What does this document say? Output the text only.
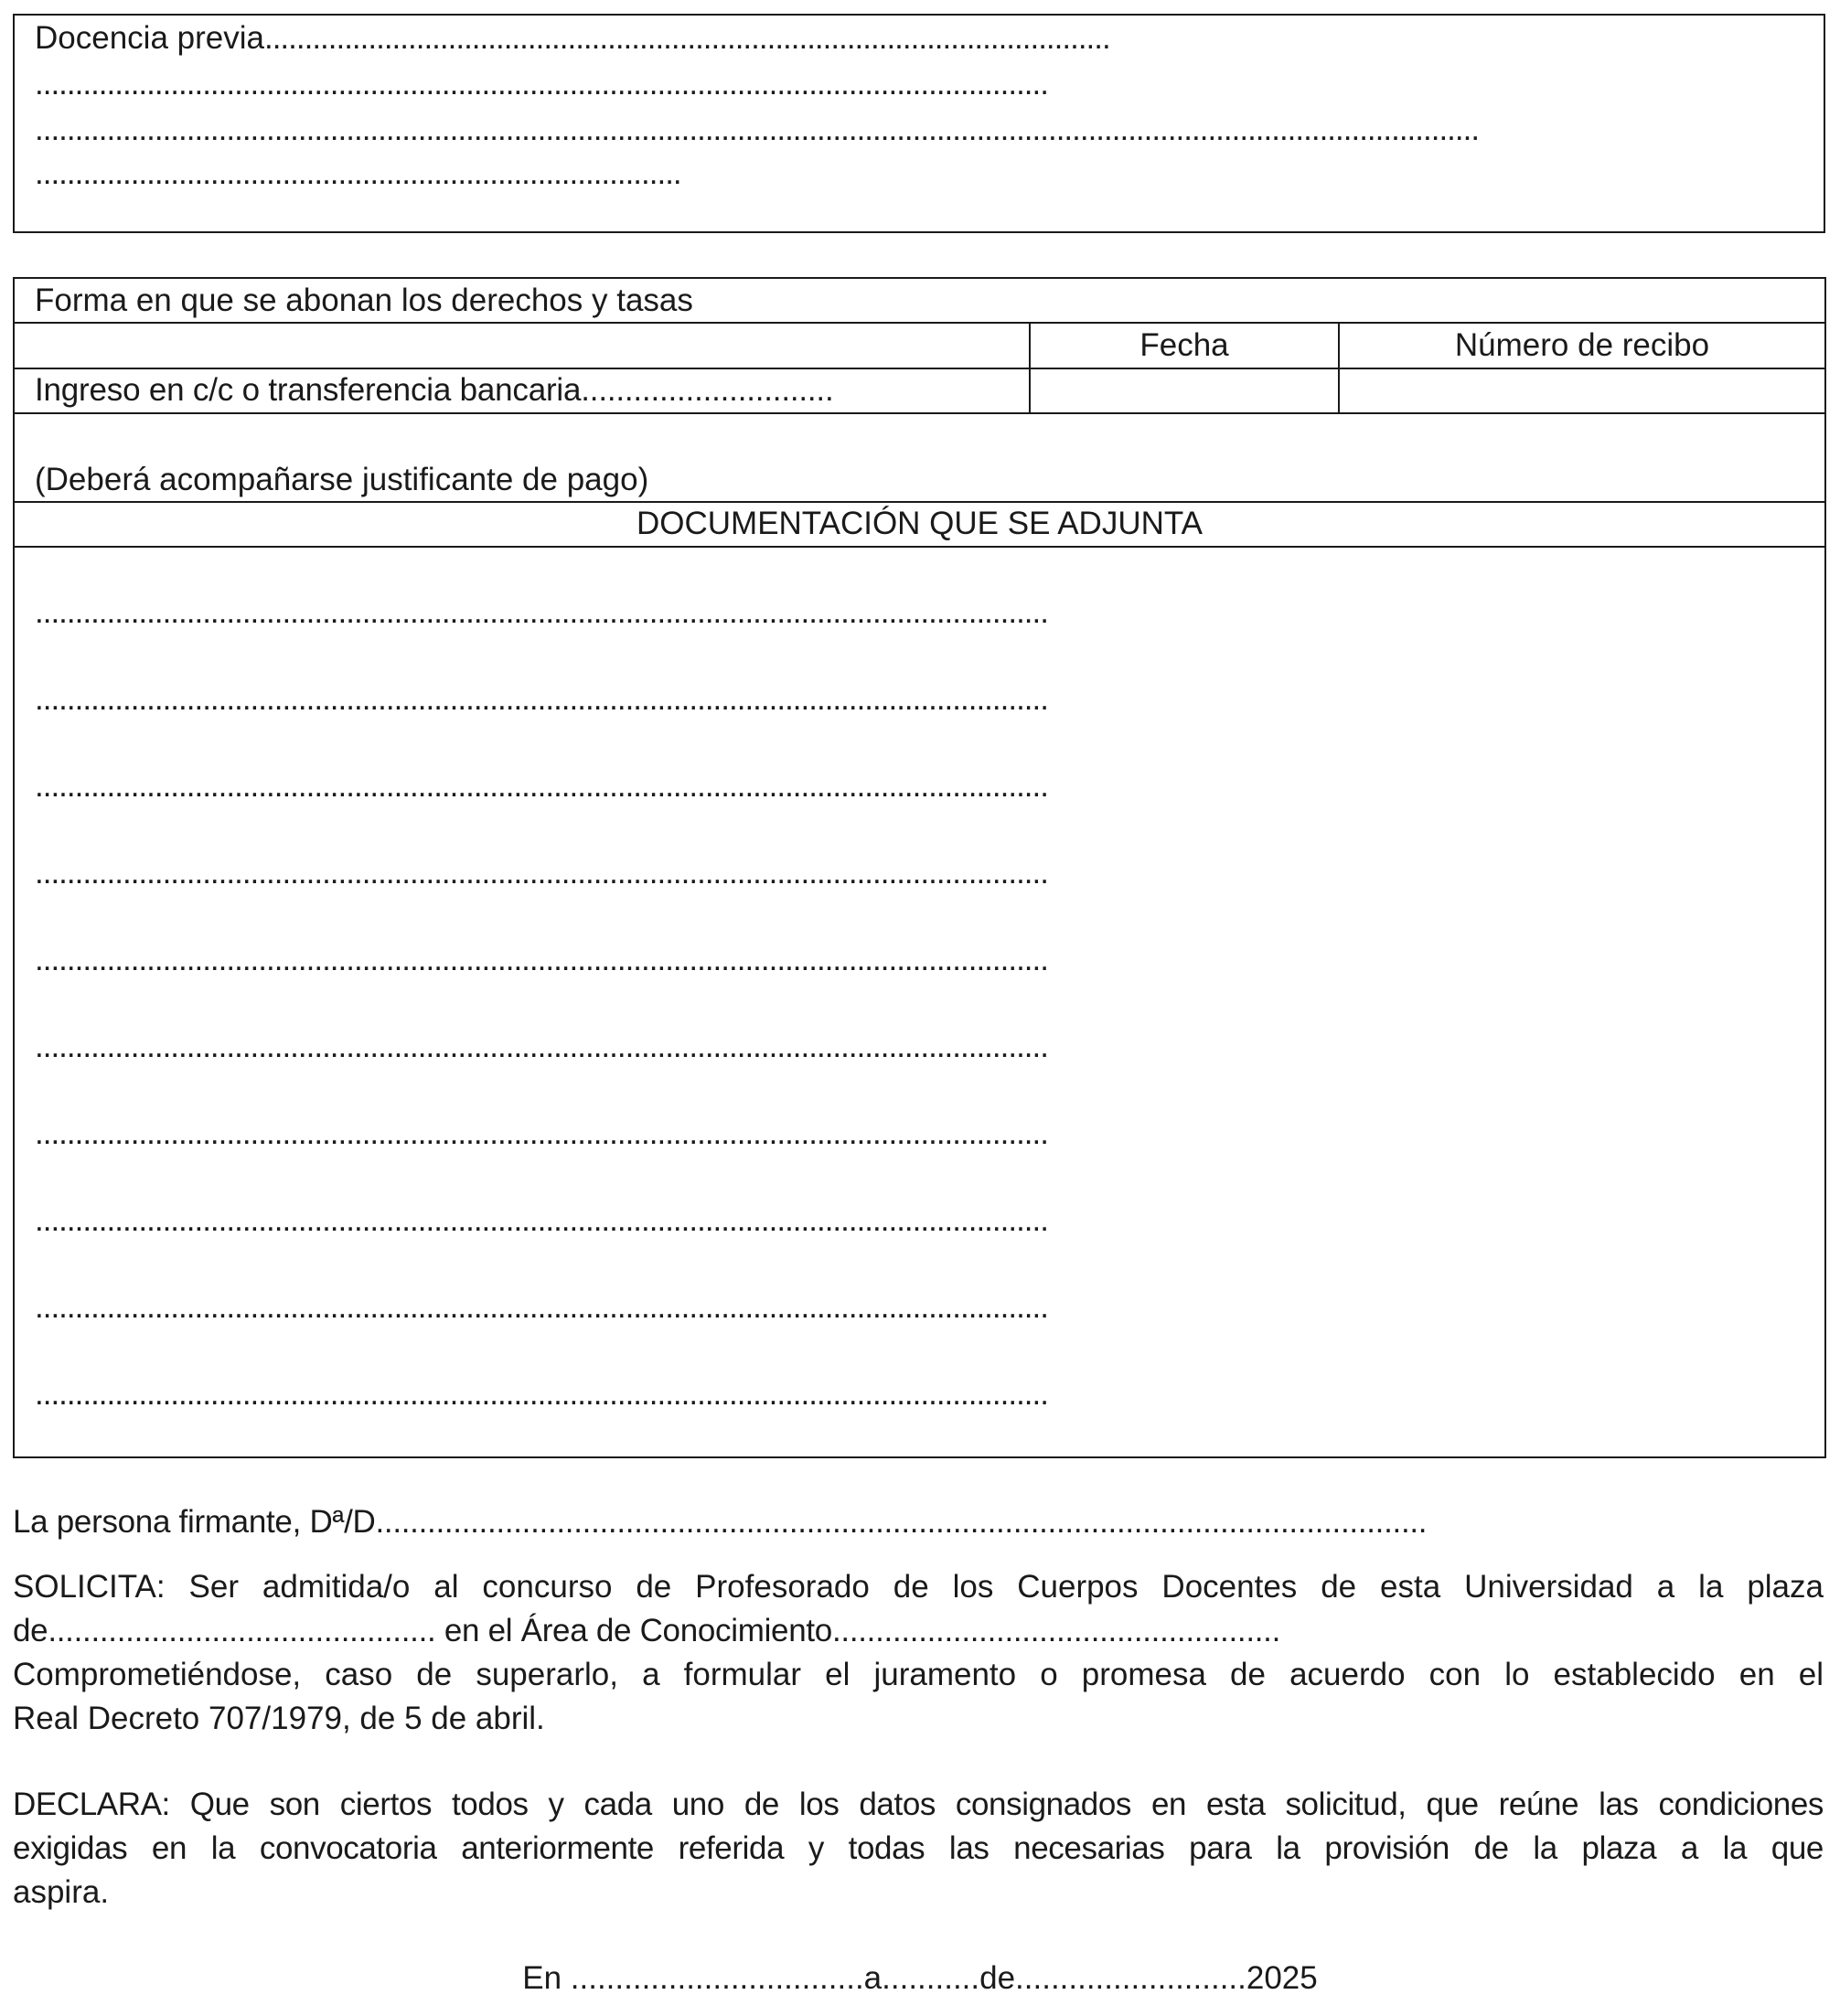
Docencia previa..........................................................................................................
...............................................................................................................................
.....................................................................................................................................................................................
.................................................................................
Forma en que se abonan los derechos y tasas
Fecha	Número de recibo
Ingreso en c/c o transferencia bancaria.............................
(Deberá acompañarse justificante de pago)
DOCUMENTACIÓN QUE SE ADJUNTA
...............................................................................................................................
...............................................................................................................................
...............................................................................................................................
...............................................................................................................................
...............................................................................................................................
...............................................................................................................................
...............................................................................................................................
...............................................................................................................................
...............................................................................................................................
...............................................................................................................................
La persona firmante, Dª/D..........................................................................................................................
SOLICITA: Ser admitida/o al concurso de Profesorado de los Cuerpos Docentes de esta Universidad a la plaza
de............................................. en el Área de Conocimiento....................................................
Comprometiéndose, caso de superarlo, a formular el juramento o promesa de acuerdo con lo establecido en el
Real Decreto 707/1979, de 5 de abril.
DECLARA: Que son ciertos todos y cada uno de los datos consignados en esta solicitud, que reúne las condiciones
exigidas en la convocatoria anteriormente referida y todas las necesarias para la provisión de la plaza a la que
aspira.
En .................................a...........de..........................2025
